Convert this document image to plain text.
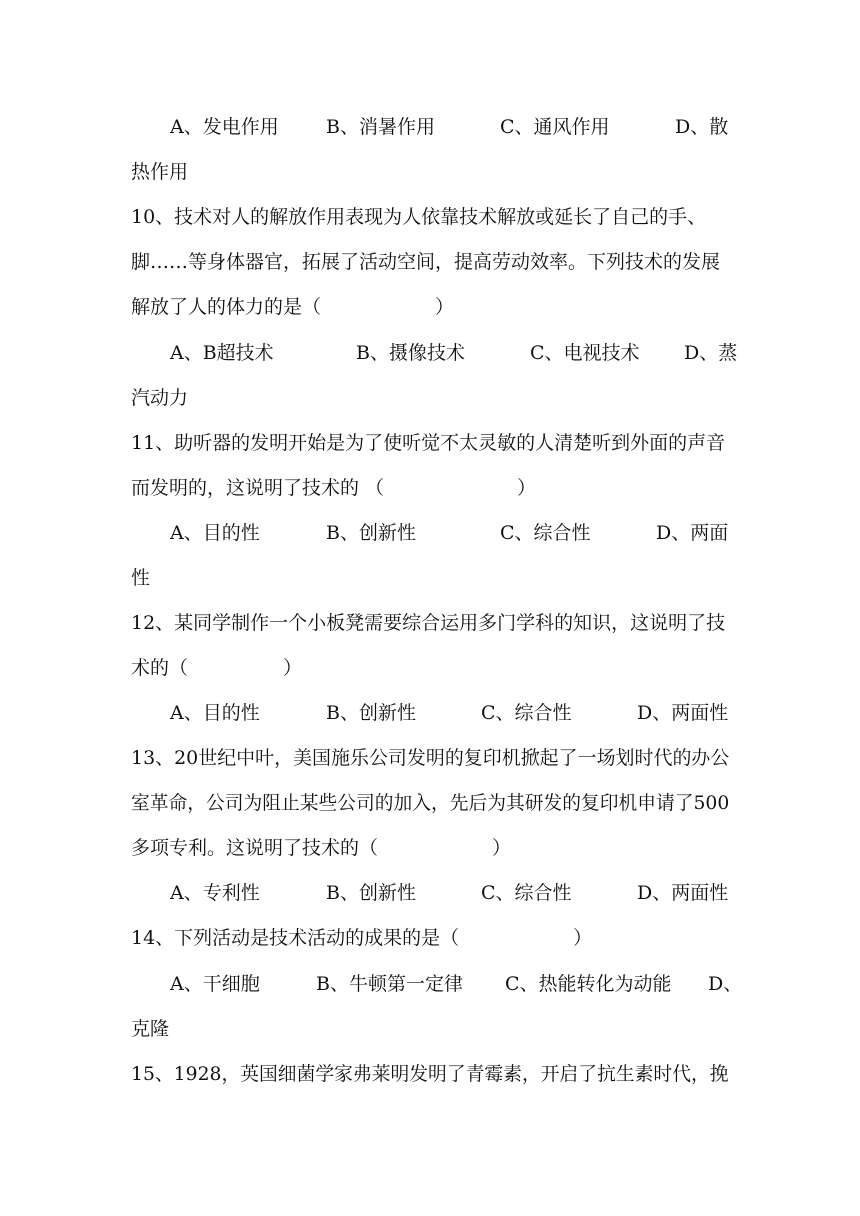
A、发电作用 B、消暑作用	C、通风作用	D、散
热作用
10、技术对人的解放作用表现为人依靠技术解放或延长了自己的手、
脚……等身体器官，拓展了活动空间，提高劳动效率。下列技术的发展
解放了人的体力的是（　　　　　　）
A、B超技术	B、摄像技术	C、电视技术 D、蒸
汽动力
11、助听器的发明开始是为了使听觉不太灵敏的人清楚听到外面的声音
而发明的，这说明了技术的 （　　　　　　　）
A、目的性	B、创新性	C、综合性	D、两面
性
12、某同学制作一个小板凳需要综合运用多门学科的知识，这说明了技
术的（　　　　　）
A、目的性	B、创新性	C、综合性	D、两面性
13、20世纪中叶，美国施乐公司发明的复印机掀起了一场划时代的办公
室革命，公司为阻止某些公司的加入，先后为其研发的复印机申请了500
多项专利。这说明了技术的（　　　　　　）
A、专利性	B、创新性	C、综合性	D、两面性
14、下列活动是技术活动的成果的是（　　　　　　）
A、干细胞	B、牛顿第一定律 C、热能转化为动能 D、
克隆
15、1928，英国细菌学家弗莱明发明了青霉素，开启了抗生素时代，挽
